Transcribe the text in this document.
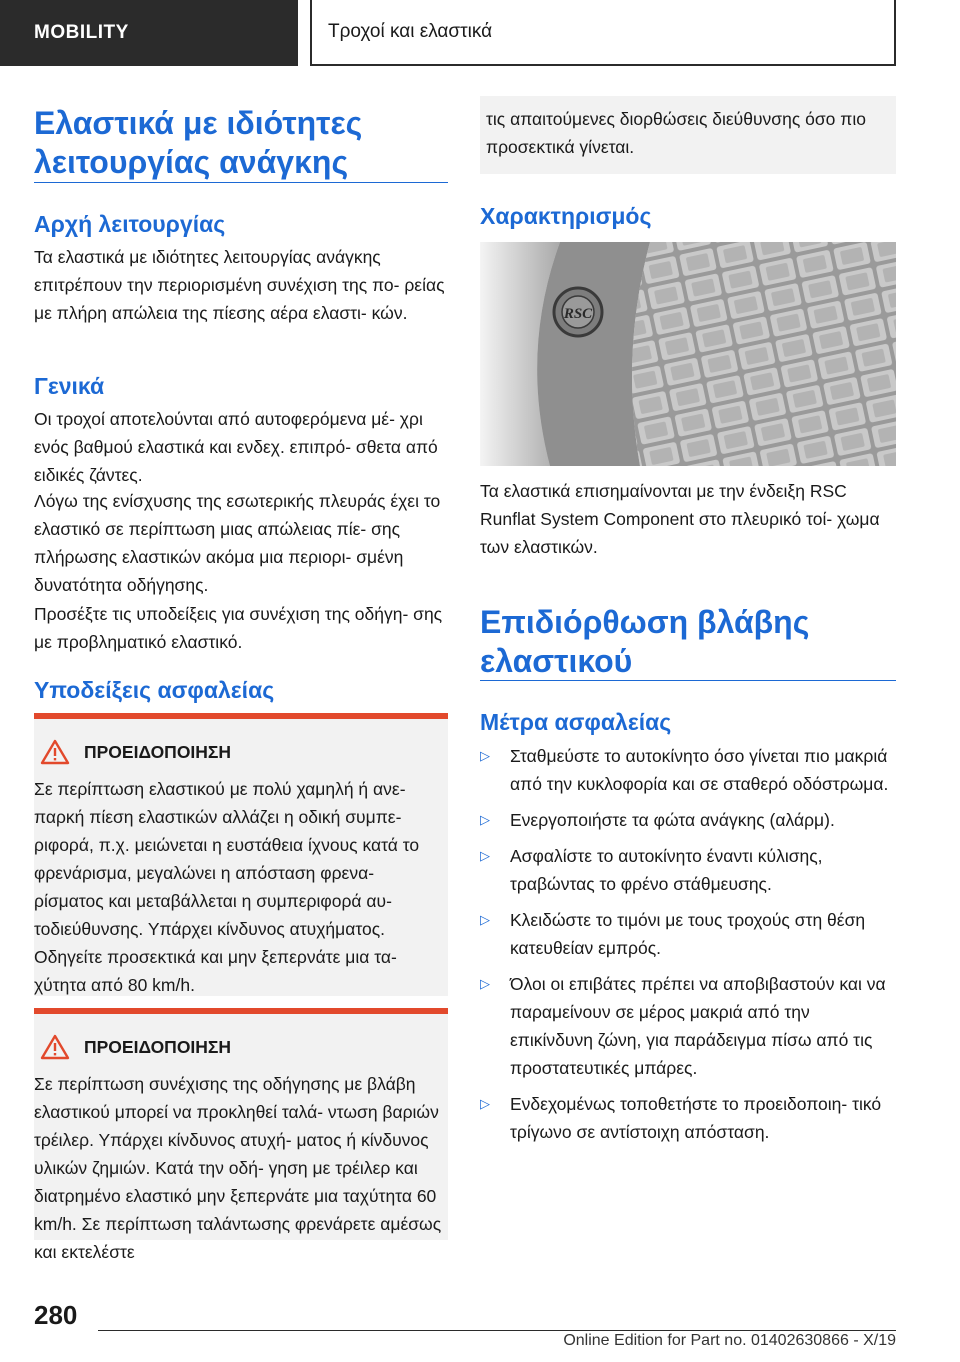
MOBILITY	Τροχοί και ελαστικά
Ελαστικά με ιδιότητες
λειτουργίας ανάγκης
Αρχή λειτουργίας
Τα ελαστικά με ιδιότητες λειτουργίας ανάγκης επιτρέπουν την περιορισμένη συνέχιση της πο- ρείας με πλήρη απώλεια της πίεσης αέρα ελαστι- κών.
Γενικά
Οι τροχοί αποτελούνται από αυτοφερόμενα μέ- χρι ενός βαθμού ελαστικά και ενδεχ. επιπρό- σθετα από ειδικές ζάντες.
Λόγω της ενίσχυσης της εσωτερικής πλευράς έχει το ελαστικό σε περίπτωση μιας απώλειας πίε- σης πλήρωσης ελαστικών ακόμα μια περιορι- σμένη δυνατότητα οδήγησης.
Προσέξτε τις υποδείξεις για συνέχιση της οδήγη- σης με προβληματικό ελαστικό.
Υποδείξεις ασφαλείας
ΠΡΟΕΙΔΟΠΟΙΗΣΗ
Σε περίπτωση ελαστικού με πολύ χαμηλή ή ανε- παρκή πίεση ελαστικών αλλάζει η οδική συμπε- ριφορά, π.χ. μειώνεται η ευστάθεια ίχνους κατά το φρενάρισμα, μεγαλώνει η απόσταση φρενα- ρίσματος και μεταβάλλεται η συμπεριφορά αυ- τοδιεύθυνσης. Υπάρχει κίνδυνος ατυχήματος. Οδηγείτε προσεκτικά και μην ξεπερνάτε μια τα- χύτητα από 80 km/h.
ΠΡΟΕΙΔΟΠΟΙΗΣΗ
Σε περίπτωση συνέχισης της οδήγησης με βλάβη ελαστικού μπορεί να προκληθεί ταλά- ντωση βαριών τρέιλερ. Υπάρχει κίνδυνος ατυχή- ματος ή κίνδυνος υλικών ζημιών. Κατά την οδή- γηση με τρέιλερ και διατρημένο ελαστικό μην ξεπερνάτε μια ταχύτητα 60 km/h. Σε περίπτωση ταλάντωσης φρενάρετε αμέσως και εκτελέστε
τις απαιτούμενες διορθώσεις διεύθυνσης όσο πιο προσεκτικά γίνεται.
Χαρακτηρισμός
RSC
Τα ελαστικά επισημαίνονται με την ένδειξη RSC Runflat System Component στο πλευρικό τοί- χωμα των ελαστικών.
Επιδιόρθωση βλάβης
ελαστικού
Μέτρα ασφαλείας
▷ Σταθμεύστε το αυτοκίνητο όσο γίνεται πιο μακριά από την κυκλοφορία και σε σταθερό οδόστρωμα.
▷ Ενεργοποιήστε τα φώτα ανάγκης (αλάρμ).
▷ Ασφαλίστε το αυτοκίνητο έναντι κύλισης, τραβώντας το φρένο στάθμευσης.
▷ Κλειδώστε το τιμόνι με τους τροχούς στη θέση κατευθείαν εμπρός.
▷ Όλοι οι επιβάτες πρέπει να αποβιβαστούν και να παραμείνουν σε μέρος μακριά από την επικίνδυνη ζώνη, για παράδειγμα πίσω από τις προστατευτικές μπάρες.
▷ Ενδεχομένως τοποθετήστε το προειδοποιη- τικό τρίγωνο σε αντίστοιχη απόσταση.
280
Online Edition for Part no. 01402630866 - X/19
